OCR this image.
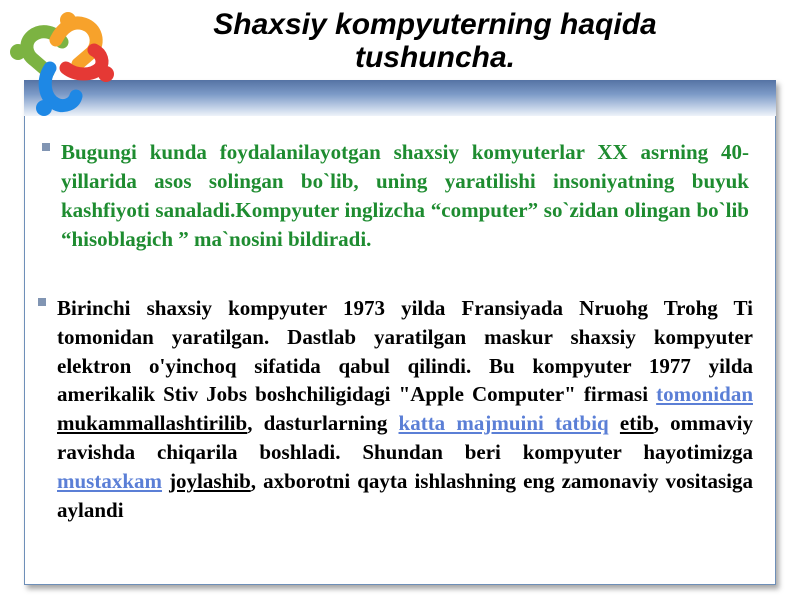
Shaxsiy kompyuterning haqida tushuncha.

Bugungi kunda foydalanilayotgan shaxsiy komyuterlar XX asrning 40-yillarida asos solingan bo`lib, uning yaratilishi insoniyatning buyuk kashfiyoti sanaladi.Kompyuter inglizcha “computer” so`zidan olingan bo`lib “hisoblagich ” ma`nosini bildiradi.

Birinchi shaxsiy kompyuter 1973 yilda Fransiyada Nruohg Trohg Ti tomonidan yaratilgan. Dastlab yaratilgan maskur shaxsiy kompyuter elektron o'yinchoq sifatida qabul qilindi. Bu kompyuter 1977 yilda amerikalik Stiv Jobs boshchiligidagi "Apple Computer" firmasi tomonidan mukammallashtirilib, dasturlarning katta majmuini tatbiq etib, ommaviy ravishda chiqarila boshladi. Shundan beri kompyuter hayotimizga mustaxkam joylashib, axborotni qayta ishlashning eng zamonaviy vositasiga aylandi
